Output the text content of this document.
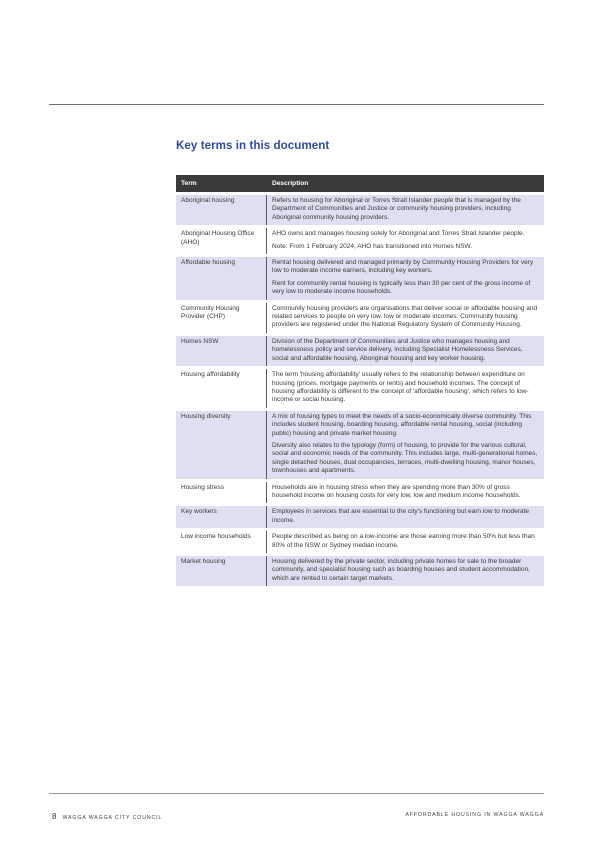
Key terms in this document
Term	Description
Aboriginal housing	Refers to housing for Aboriginal or Torres Strait Islander people that is managed by the Department of Communities and Justice or community housing providers, including Aboriginal community housing providers.

Aboriginal Housing Office (AHO)	AHO owns and manages housing solely for Aboriginal and Torres Strait Islander people.

Note: From 1 February 2024, AHO has transitioned into Homes NSW.

Affordable housing	Rental housing delivered and managed primarily by Community Housing Providers for very low to moderate income earners, including key workers.

Rent for community rental housing is typically less than 30 per cent of the gross income of very low to moderate income households.

Community Housing Provider (CHP)	Community housing providers are organisations that deliver social or affordable housing and related services to people on very low, low or moderate incomes. Community housing providers are registered under the National Regulatory System of Community Housing.

Homes NSW	Division of the Department of Communities and Justice who manages housing and homelessness policy and service delivery, including Specialist Homelessness Services, social and affordable housing, Aboriginal housing and key worker housing.

Housing affordability	The term 'housing affordability' usually refers to the relationship between expenditure on housing (prices, mortgage payments or rents) and household incomes. The concept of housing affordability is different to the concept of 'affordable housing', which refers to low-income or social housing.

Housing diversity	A mix of housing types to meet the needs of a socio-economically diverse community. This includes student housing, boarding housing, affordable rental housing, social (including public) housing and private market housing.

Diversity also relates to the typology (form) of housing, to provide for the various cultural, social and economic needs of the community. This includes large, multi-generational homes, single detached houses, dual occupancies, terraces, multi-dwelling housing, manor houses, townhouses and apartments.

Housing stress	Households are in housing stress when they are spending more than 30% of gross household income on housing costs for very low, low and medium income households.

Key workers	Employees in services that are essential to the city's functioning but earn low to moderate income.

Low income households	People described as being on a low-income are those earning more than 50% but less than 80% of the NSW or Sydney median income.

Market housing	Housing delivered by the private sector, including private homes for sale to the broader community, and specialist housing such as boarding houses and student accommodation, which are rented to certain target markets.

8 WAGGA WAGGA CITY COUNCIL	AFFORDABLE HOUSING IN WAGGA WAGGA
